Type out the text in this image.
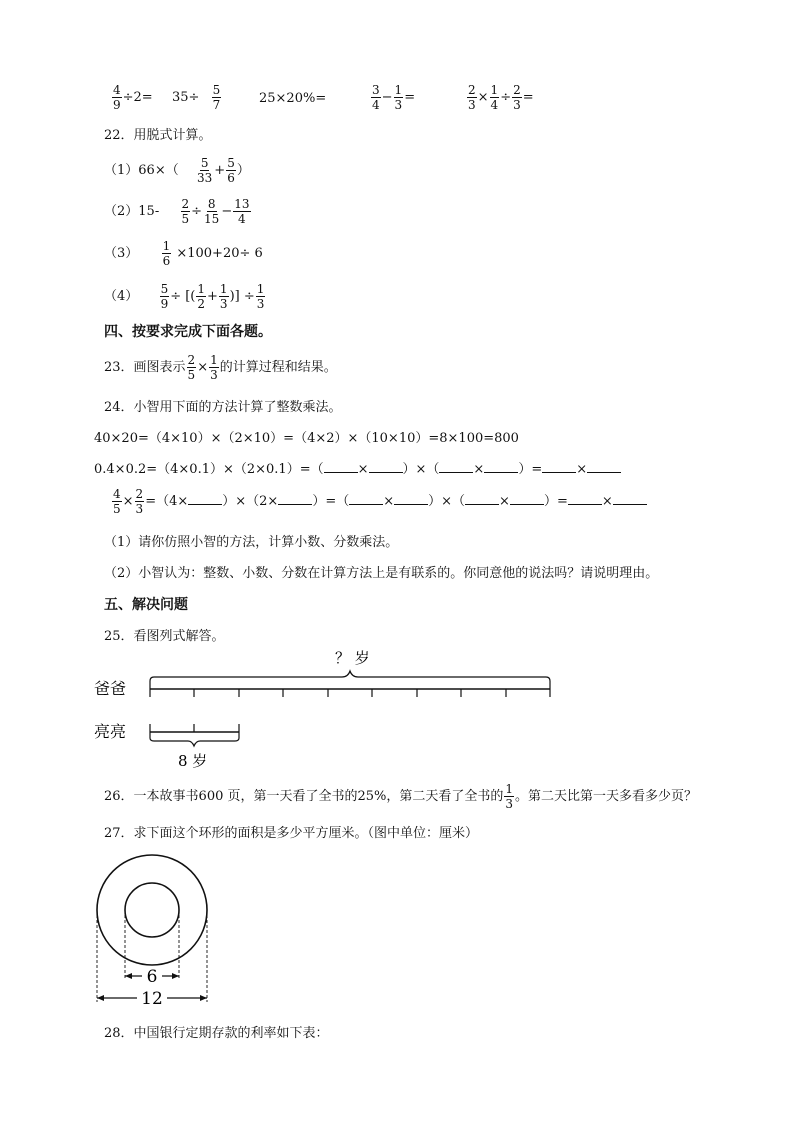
$\frac{4}{9} \div 2= 35\div \frac{5}{7}$	25×20%=	$\frac{3}{4} - \frac{1}{3}$ =	$\frac{2}{3} \times \frac{1}{4} \div \frac{2}{3}$ =
22．用脱式计算。
$(1)66\times( \frac{5}{33} + \frac{5}{6}$ ）
$(2)15- \frac{2}{5} \div \frac{8}{15} - \frac{13}{4}$
$(3) \frac{1}{6} \times 100+20\div 6$
$(4) \frac{5}{9}$ ÷ [( $\frac{1}{2} + \frac{1}{3}$ )] ÷ $\frac{1}{3}$
四、按要求完成下面各题。
23．画图表示 $\frac{2}{5} \times \frac{1}{3}$ 的计算过程和结果。
24．小智用下面的方法计算了整数乘法。
40×20=（4×10）×（2×10）=（4×2）×（10×10）=8×100=800
0.4×0.2=（4×0.1）×（2×0.1）=（	×	）×（	×	）=	×
$\frac{4}{5} \times \frac{2}{3} =(4\times$	）×（2×	）=（	×	）×（	×	）=	×
（1）请你仿照小智的方法，计算小数、分数乘法。
（2）小智认为：整数、小数、分数在计算方法上是有联系的。你同意他的说法吗？请说明理由。
五、解决问题
25．看图列式解答。
爸爸
亮亮
？ 岁
8 岁
26．一本故事书600 页，第一天看了全书的25%，第二天看了全书的 $\frac{1}{3}$ 。第二天比第一天多看多少页？
27．求下面这个环形的面积是多少平方厘米。（图中单位：厘米）
6
12
28．中国银行定期存款的利率如下表：
